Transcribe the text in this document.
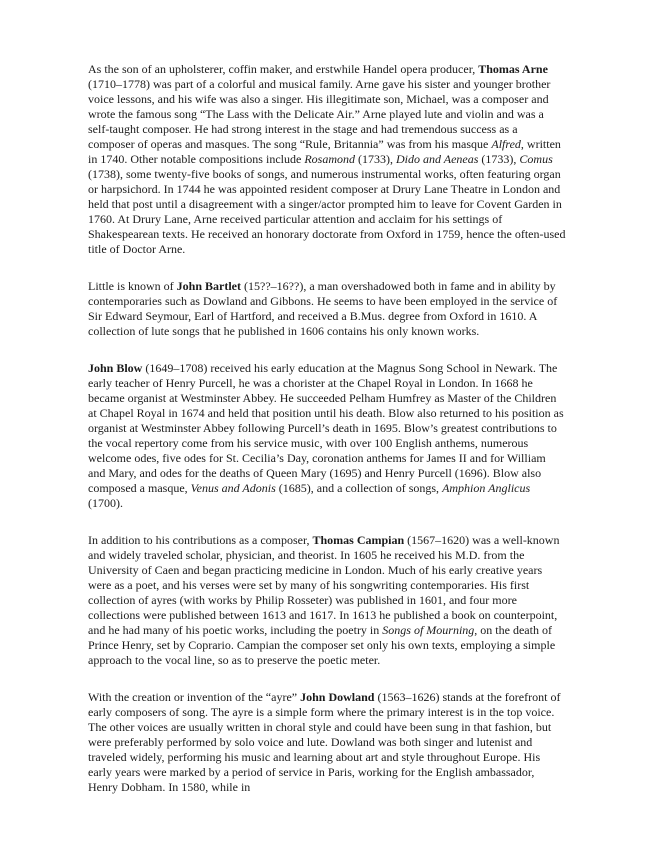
As the son of an upholsterer, coffin maker, and erstwhile Handel opera producer, Thomas Arne (1710–1778) was part of a colorful and musical family. Arne gave his sister and younger brother voice lessons, and his wife was also a singer. His illegitimate son, Michael, was a composer and wrote the famous song “The Lass with the Delicate Air.” Arne played lute and violin and was a self-taught composer. He had strong interest in the stage and had tremendous success as a composer of operas and masques. The song “Rule, Britannia” was from his masque Alfred, written in 1740. Other notable compositions include Rosamond (1733), Dido and Aeneas (1733), Comus (1738), some twenty-five books of songs, and numerous instrumental works, often featuring organ or harpsichord. In 1744 he was appointed resident composer at Drury Lane Theatre in London and held that post until a disagreement with a singer/actor prompted him to leave for Covent Garden in 1760. At Drury Lane, Arne received particular attention and acclaim for his settings of Shakespearean texts. He received an honorary doctorate from Oxford in 1759, hence the often-used title of Doctor Arne.

Little is known of John Bartlet (15??–16??), a man overshadowed both in fame and in ability by contemporaries such as Dowland and Gibbons. He seems to have been employed in the service of Sir Edward Seymour, Earl of Hartford, and received a B.Mus. degree from Oxford in 1610. A collection of lute songs that he published in 1606 contains his only known works.

John Blow (1649–1708) received his early education at the Magnus Song School in Newark. The early teacher of Henry Purcell, he was a chorister at the Chapel Royal in London. In 1668 he became organist at Westminster Abbey. He succeeded Pelham Humfrey as Master of the Children at Chapel Royal in 1674 and held that position until his death. Blow also returned to his position as organist at Westminster Abbey following Purcell’s death in 1695. Blow’s greatest contributions to the vocal repertory come from his service music, with over 100 English anthems, numerous welcome odes, five odes for St. Cecilia’s Day, coronation anthems for James II and for William and Mary, and odes for the deaths of Queen Mary (1695) and Henry Purcell (1696). Blow also composed a masque, Venus and Adonis (1685), and a collection of songs, Amphion Anglicus (1700).

In addition to his contributions as a composer, Thomas Campian (1567–1620) was a well-known and widely traveled scholar, physician, and theorist. In 1605 he received his M.D. from the University of Caen and began practicing medicine in London. Much of his early creative years were as a poet, and his verses were set by many of his songwriting contemporaries. His first collection of ayres (with works by Philip Rosseter) was published in 1601, and four more collections were published between 1613 and 1617. In 1613 he published a book on counterpoint, and he had many of his poetic works, including the poetry in Songs of Mourning, on the death of Prince Henry, set by Coprario. Campian the composer set only his own texts, employing a simple approach to the vocal line, so as to preserve the poetic meter.

With the creation or invention of the “ayre” John Dowland (1563–1626) stands at the forefront of early composers of song. The ayre is a simple form where the primary interest is in the top voice. The other voices are usually written in choral style and could have been sung in that fashion, but were preferably performed by solo voice and lute. Dowland was both singer and lutenist and traveled widely, performing his music and learning about art and style throughout Europe. His early years were marked by a period of service in Paris, working for the English ambassador, Henry Dobham. In 1580, while in
